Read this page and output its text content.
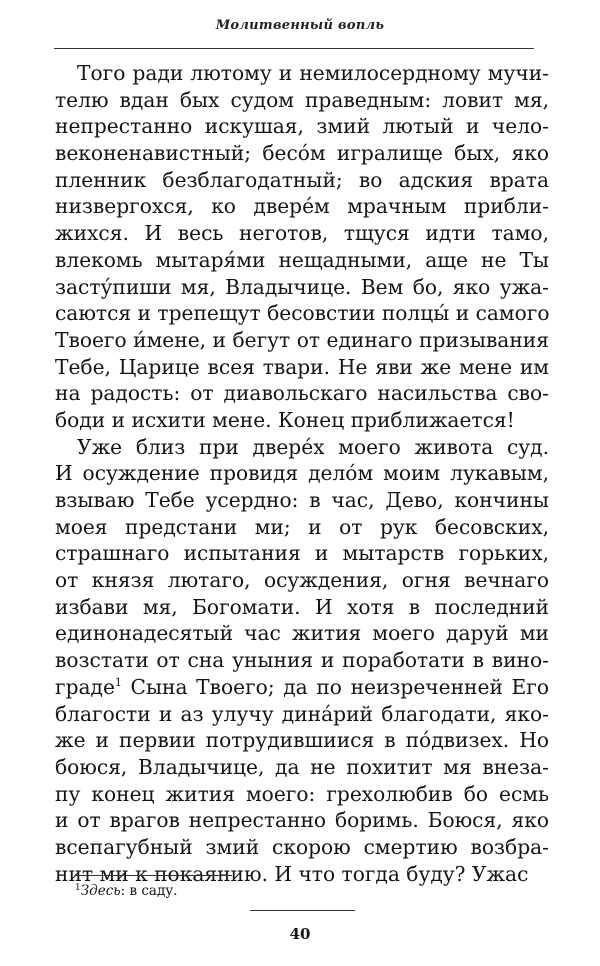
Молитвенный вопль
Того ради лютому и немилосердному мучи-
телю вдан бых судом праведным: ловит мя,
непрестанно искушая, змий лютый и чело-
веконенавистный; бесо́м игралище бых, яко
пленник безблагодатный; во адския врата
низвергохся, ко двере́м мрачным прибли-
жихся. И весь неготов, тщуся идти тамо,
влекомь мытаря́ми нещадными, аще не Ты
засту́пиши мя, Владычице. Вем бо, яко ужа-
саются и трепещут бесовстии полцы́ и самого
Твоего и́мене, и бегут от единаго призывания
Тебе, Царице всея твари. Не яви же мене им
на радость: от диавольскаго насильства сво-
боди и исхити мене. Конец приближается!
Уже близ при двере́х моего живота суд.
И осуждение провидя дело́м моим лукавым,
взываю Тебе усердно: в час, Дево, кончины
моея предстани ми; и от рук бесовских,
страшнаго испытания и мытарств горьких,
от князя лютаго, осуждения, огня вечнаго
избави мя, Богомати. И хотя в последний
единонадесятый час жития моего даруй ми
возстати от сна уныния и поработати в вино-
граде$^1$ Сына Твоего; да по неизреченней Его
благости и аз улучу дина́рий благодати, яко-
же и первии потрудившиися в по́двизех. Но
боюся, Владычице, да не похитит мя внеза-
пу конец жития моего: грехолюбив бо есмь
и от врагов непрестанно боримь. Боюся, яко
всепагубный змий скорою смертию возбра-
нит ми к покаянию. И что тогда буду? Ужас
$^1$Здесь: в саду.
40
